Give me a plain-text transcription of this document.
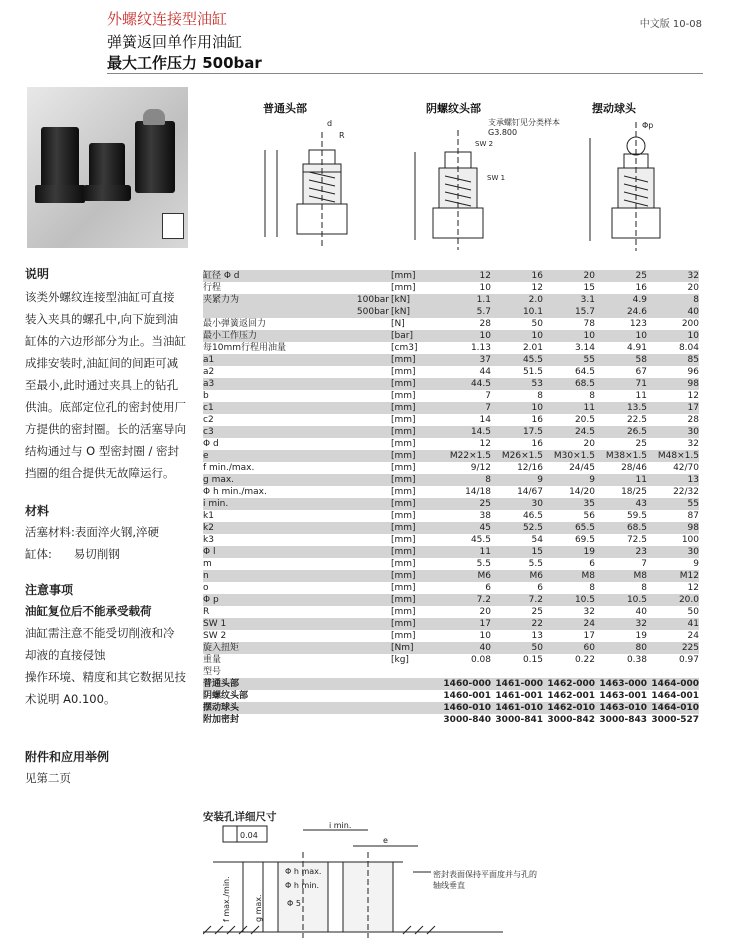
外螺纹连接型油缸
弹簧返回单作用油缸
最大工作压力 500bar
中文版 10-08
普通头部	阴螺纹头部	摆动球头
支承螺钉见分类样本 G3.800
d
R
SW 1
SW 2
Φp
说明

该类外螺纹连接型油缸可直接

装入夹具的螺孔中,向下旋到油

缸体的六边形部分为止。当油缸

成排安装时,油缸间的间距可减

至最小,此时通过夹具上的钻孔

供油。底部定位孔的密封使用厂

方提供的密封圈。长的活塞导向

结构通过与 O 型密封圈 / 密封

挡圈的组合提供无故障运行。

材料

活塞材料:表面淬火钢,淬硬

缸体:      易切削钢

注意事项

油缸复位后不能承受载荷

油缸需注意不能受切削液和冷

却液的直接侵蚀

操作环境、精度和其它数据见技

术说明 A0.100。

附件和应用举例

见第二页

缸径 Φ d		[mm]	12	16	20	25	32
行程		[mm]	10	12	15	16	20
夹紧力为	100bar	[kN]	1.1	2.0	3.1	4.9	8
	500bar	[kN]	5.7	10.1	15.7	24.6	40
最小弹簧返回力		[N]	28	50	78	123	200
最小工作压力		[bar]	10	10	10	10	10
每10mm行程用油量		[cm3]	1.13	2.01	3.14	4.91	8.04
a1		[mm]	37	45.5	55	58	85
a2		[mm]	44	51.5	64.5	67	96
a3		[mm]	44.5	53	68.5	71	98
b		[mm]	7	8	8	11	12
c1		[mm]	7	10	11	13.5	17
c2		[mm]	14	16	20.5	22.5	28
c3		[mm]	14.5	17.5	24.5	26.5	30
Φ d		[mm]	12	16	20	25	32
e		[mm]	M22×1.5	M26×1.5	M30×1.5	M38×1.5	M48×1.5
f min./max.		[mm]	9/12	12/16	24/45	28/46	42/70
g max.		[mm]	8	9	9	11	13
Φ h min./max.		[mm]	14/18	14/67	14/20	18/25	22/32
i min.		[mm]	25	30	35	43	55
k1		[mm]	38	46.5	56	59.5	87
k2		[mm]	45	52.5	65.5	68.5	98
k3		[mm]	45.5	54	69.5	72.5	100
Φ l		[mm]	11	15	19	23	30
m		[mm]	5.5	5.5	6	7	9
n		[mm]	M6	M6	M8	M8	M12
o		[mm]	6	6	8	8	12
Φ p		[mm]	7.2	7.2	10.5	10.5	20.0
R		[mm]	20	25	32	40	50
SW 1		[mm]	17	22	24	32	41
SW 2		[mm]	10	13	17	19	24
旋入扭矩		[Nm]	40	50	60	80	225
重量		[kg]	0.08	0.15	0.22	0.38	0.97
型号							
普通头部			1460-000	1461-000	1462-000	1463-000	1464-000
阴螺纹头部			1460-001	1461-001	1462-001	1463-001	1464-001
摆动球头			1460-010	1461-010	1462-010	1463-010	1464-010
附加密封			3000-840	3000-841	3000-842	3000-843	3000-527
安装孔详细尺寸
0.04
i min.
e
Φ h max.
Φ h min.
Φ 5
f max./min.	g max.
密封表面保持平面度并与孔的轴线垂直
